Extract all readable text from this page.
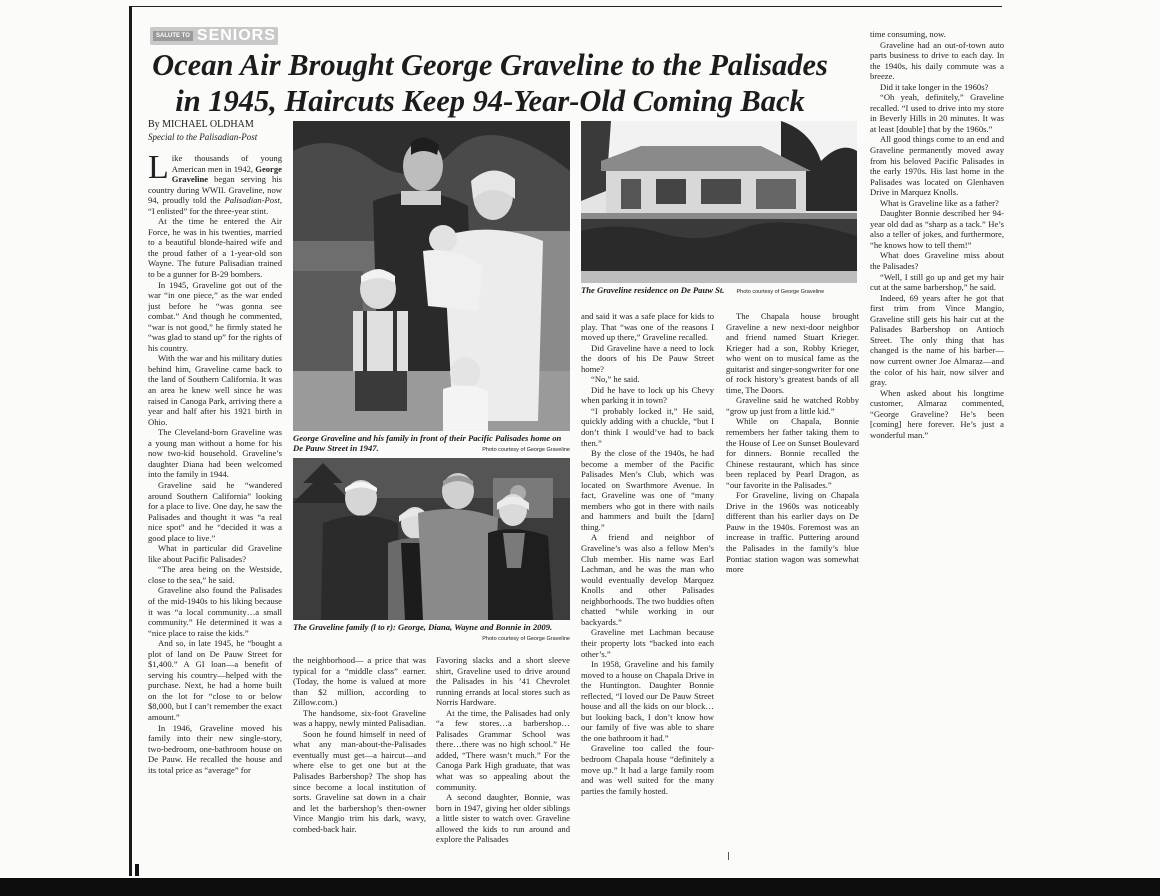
SALUTE TO SENIORS
Ocean Air Brought George Graveline to the Palisades in 1945, Haircuts Keep 94-Year-Old Coming Back
By MICHAEL OLDHAM
Special to the Palisadian-Post

Like thousands of young American men in 1942, George Graveline began serving his country during WWII. Graveline, now 94, proudly told the Palisadian-Post, “I enlisted” for the three-year stint.

At the time he entered the Air Force, he was in his twenties, married to a beautiful blonde-haired wife and the proud father of a 1-year-old son Wayne. The future Palisadian trained to be a gunner for B-29 bombers.

In 1945, Graveline got out of the war “in one piece,” as the war ended just before he “was gonna see combat.” And though he commented, “war is not good,” he firmly stated he “was glad to stand up” for the rights of his country.

With the war and his military duties behind him, Graveline came back to the land of Southern California. It was an area he knew well since he was raised in Canoga Park, arriving there a year and half after his 1921 birth in Ohio.

The Cleveland-born Graveline was a young man without a home for his now two-kid household. Graveline’s daughter Diana had been welcomed into the family in 1944.

Graveline said he “wandered around Southern California” looking for a place to live. One day, he saw the Palisades and thought it was “a real nice spot” and he “decided it was a good place to live.”

What in particular did Graveline like about Pacific Palisades?

“The area being on the Westside, close to the sea,” he said.

Graveline also found the Palisades of the mid-1940s to his liking because it was “a local community…a small community.” He determined it was a “nice place to raise the kids.”

And so, in late 1945, he “bought a plot of land on De Pauw Street for $1,400.” A GI loan—a benefit of serving his country—helped with the purchase. Next, he had a home built on the lot for “close to or below $8,000, but I can’t remember the exact amount.”

In 1946, Graveline moved his family into their new single-story, two-bedroom, one-bathroom house on De Pauw. He recalled the house and its total price as “average” for

George Graveline and his family in front of their Pacific Palisades home on De Pauw Street in 1947.	Photo courtesy of George Graveline
The Graveline family (l to r): George, Diana, Wayne and Bonnie in 2009.
Photo courtesy of George Graveline

the neighborhood— a price that was typical for a “middle class” earner. (Today, the home is valued at more than $2 million, according to Zillow.com.)

The handsome, six-foot Graveline was a happy, newly minted Palisadian.

Soon he found himself in need of what any man-about-the-Palisades eventually must get—a haircut—and where else to get one but at the Palisades Barbershop? The shop has since become a local institution of sorts. Graveline sat down in a chair and let the barbershop’s then-owner Vince Mangio trim his dark, wavy, combed-back hair.

Favoring slacks and a short sleeve shirt, Graveline used to drive around the Palisades in his ’41 Chevrolet running errands at local stores such as Norris Hardware.

At the time, the Palisades had only “a few stores…a barbershop…Palisades Grammar School was there…there was no high school.” He added, “There wasn’t much.” For the Canoga Park High graduate, that was what was so appealing about the community.

A second daughter, Bonnie, was born in 1947, giving her older siblings a little sister to watch over. Graveline allowed the kids to run around and explore the Palisades

The Graveline residence on De Pauw St. Photo courtesy of George Graveline

and said it was a safe place for kids to play. That “was one of the reasons I moved up there,” Graveline recalled.

Did Graveline have a need to lock the doors of his De Pauw Street home?

“No,” he said.

Did he have to lock up his Chevy when parking it in town?

“I probably locked it,” He said, quickly adding with a chuckle, “but I don’t think I would’ve had to back then.”

By the close of the 1940s, he had become a member of the Pacific Palisades Men’s Club, which was located on Swarthmore Avenue. In fact, Graveline was one of “many members who got in there with nails and hammers and built the [darn] thing.”

A friend and neighbor of Graveline’s was also a fellow Men’s Club member. His name was Earl Lachman, and he was the man who would eventually develop Marquez Knolls and other Palisades neighborhoods. The two buddies often chatted “while working in our backyards.”

Graveline met Lachman because their property lots “backed into each other’s.”

In 1958, Graveline and his family moved to a house on Chapala Drive in the Huntington. Daughter Bonnie reflected, “I loved our De Pauw Street house and all the kids on our block…but looking back, I don’t know how our family of five was able to share the one bathroom it had.”

Graveline too called the four-bedroom Chapala house “definitely a move up.” It had a large family room and was well suited for the many parties the family hosted.

The Chapala house brought Graveline a new next-door neighbor and friend named Stuart Krieger. Krieger had a son, Robby Krieger, who went on to musical fame as the guitarist and singer-songwriter for one of rock history’s greatest bands of all time, The Doors.

Graveline said he watched Robby “grow up just from a little kid.”

While on Chapala, Bonnie remembers her father taking them to the House of Lee on Sunset Boulevard for dinners. Bonnie recalled the Chinese restaurant, which has since been replaced by Pearl Dragon, as “our favorite in the Palisades.”

For Graveline, living on Chapala Drive in the 1960s was noticeably different than his earlier days on De Pauw in the 1940s. Foremost was an increase in traffic. Puttering around the Palisades in the family’s blue Pontiac station wagon was somewhat more

time consuming, now.

Graveline had an out-of-town auto parts business to drive to each day. In the 1940s, his daily commute was a breeze.

Did it take longer in the 1960s?

“Oh yeah, definitely,” Graveline recalled. “I used to drive into my store in Beverly Hills in 20 minutes. It was at least [double] that by the 1960s.”

All good things come to an end and Graveline permanently moved away from his beloved Pacific Palisades in the early 1970s. His last home in the Palisades was located on Glenhaven Drive in Marquez Knolls.

What is Graveline like as a father?

Daughter Bonnie described her 94-year old dad as “sharp as a tack.” He’s also a teller of jokes, and furthermore, “he knows how to tell them!”

What does Graveline miss about the Palisades?

“Well, I still go up and get my hair cut at the same barbershop,” he said.

Indeed, 69 years after he got that first trim from Vince Mangio, Graveline still gets his hair cut at the Palisades Barbershop on Antioch Street. The only thing that has changed is the name of his barber—now current owner Joe Almaraz—and the color of his hair, now silver and gray.

When asked about his longtime customer, Almaraz commented, “George Graveline? He’s been [coming] here forever. He’s just a wonderful man.”
